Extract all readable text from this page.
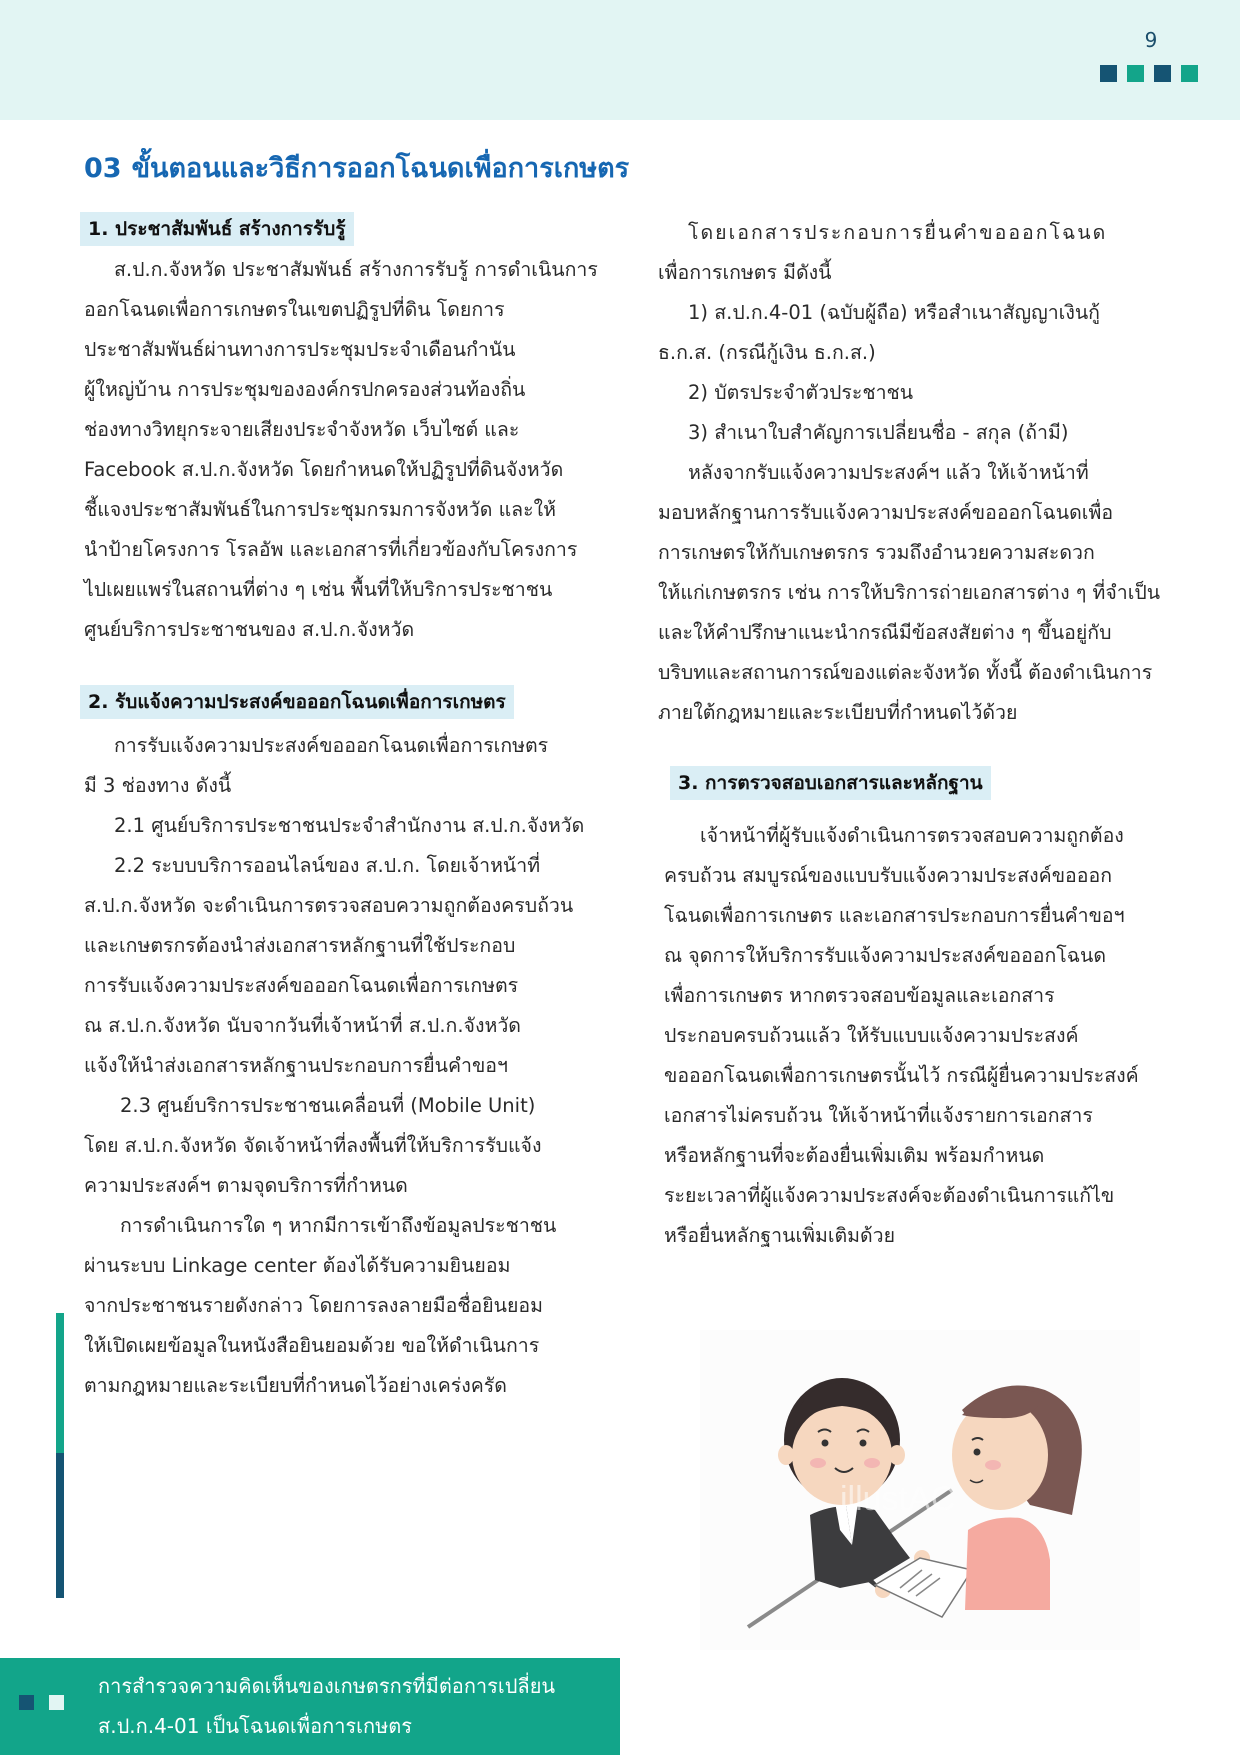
9
03 ขั้นตอนและวิธีการออกโฉนดเพื่อการเกษตร
1. ประชาสัมพันธ์ สร้างการรับรู้

ส.ป.ก.จังหวัด ประชาสัมพันธ์ สร้างการรับรู้ การดำเนินการ

ออกโฉนดเพื่อการเกษตรในเขตปฏิรูปที่ดิน โดยการ

ประชาสัมพันธ์ผ่านทางการประชุมประจำเดือนกำนัน

ผู้ใหญ่บ้าน การประชุมขององค์กรปกครองส่วนท้องถิ่น

ช่องทางวิทยุกระจายเสียงประจำจังหวัด เว็บไซต์ และ

Facebook ส.ป.ก.จังหวัด โดยกำหนดให้ปฏิรูปที่ดินจังหวัด

ชี้แจงประชาสัมพันธ์ในการประชุมกรมการจังหวัด และให้

นำป้ายโครงการ โรลอัพ และเอกสารที่เกี่ยวข้องกับโครงการ

ไปเผยแพร่ในสถานที่ต่าง ๆ เช่น พื้นที่ให้บริการประชาชน

ศูนย์บริการประชาชนของ ส.ป.ก.จังหวัด

2. รับแจ้งความประสงค์ขอออกโฉนดเพื่อการเกษตร

การรับแจ้งความประสงค์ขอออกโฉนดเพื่อการเกษตร

มี 3 ช่องทาง ดังนี้

2.1 ศูนย์บริการประชาชนประจำสำนักงาน ส.ป.ก.จังหวัด

2.2 ระบบบริการออนไลน์ของ ส.ป.ก. โดยเจ้าหน้าที่

ส.ป.ก.จังหวัด จะดำเนินการตรวจสอบความถูกต้องครบถ้วน

และเกษตรกรต้องนำส่งเอกสารหลักฐานที่ใช้ประกอบ

การรับแจ้งความประสงค์ขอออกโฉนดเพื่อการเกษตร

ณ ส.ป.ก.จังหวัด นับจากวันที่เจ้าหน้าที่ ส.ป.ก.จังหวัด

แจ้งให้นำส่งเอกสารหลักฐานประกอบการยื่นคำขอฯ

2.3 ศูนย์บริการประชาชนเคลื่อนที่ (Mobile Unit)

โดย ส.ป.ก.จังหวัด จัดเจ้าหน้าที่ลงพื้นที่ให้บริการรับแจ้ง

ความประสงค์ฯ ตามจุดบริการที่กำหนด

การดำเนินการใด ๆ หากมีการเข้าถึงข้อมูลประชาชน

ผ่านระบบ Linkage center ต้องได้รับความยินยอม

จากประชาชนรายดังกล่าว โดยการลงลายมือชื่อยินยอม

ให้เปิดเผยข้อมูลในหนังสือยินยอมด้วย ขอให้ดำเนินการ

ตามกฎหมายและระเบียบที่กำหนดไว้อย่างเคร่งครัด

โดยเอกสารประกอบการยื่นคำขอออกโฉนด

เพื่อการเกษตร มีดังนี้

1) ส.ป.ก.4-01 (ฉบับผู้ถือ) หรือสำเนาสัญญาเงินกู้

ธ.ก.ส. (กรณีกู้เงิน ธ.ก.ส.)

2) บัตรประจำตัวประชาชน

3) สำเนาใบสำคัญการเปลี่ยนชื่อ - สกุล (ถ้ามี)

หลังจากรับแจ้งความประสงค์ฯ แล้ว ให้เจ้าหน้าที่

มอบหลักฐานการรับแจ้งความประสงค์ขอออกโฉนดเพื่อ

การเกษตรให้กับเกษตรกร รวมถึงอำนวยความสะดวก

ให้แก่เกษตรกร เช่น การให้บริการถ่ายเอกสารต่าง ๆ ที่จำเป็น

และให้คำปรึกษาแนะนำกรณีมีข้อสงสัยต่าง ๆ ขึ้นอยู่กับ

บริบทและสถานการณ์ของแต่ละจังหวัด ทั้งนี้ ต้องดำเนินการ

ภายใต้กฎหมายและระเบียบที่กำหนดไว้ด้วย

3. การตรวจสอบเอกสารและหลักฐาน

เจ้าหน้าที่ผู้รับแจ้งดำเนินการตรวจสอบความถูกต้อง

ครบถ้วน สมบูรณ์ของแบบรับแจ้งความประสงค์ขอออก

โฉนดเพื่อการเกษตร และเอกสารประกอบการยื่นคำขอฯ

ณ จุดการให้บริการรับแจ้งความประสงค์ขอออกโฉนด

เพื่อการเกษตร หากตรวจสอบข้อมูลและเอกสาร

ประกอบครบถ้วนแล้ว ให้รับแบบแจ้งความประสงค์

ขอออกโฉนดเพื่อการเกษตรนั้นไว้ กรณีผู้ยื่นความประสงค์

เอกสารไม่ครบถ้วน ให้เจ้าหน้าที่แจ้งรายการเอกสาร

หรือหลักฐานที่จะต้องยื่นเพิ่มเติม พร้อมกำหนด

ระยะเวลาที่ผู้แจ้งความประสงค์จะต้องดำเนินการแก้ไข

หรือยื่นหลักฐานเพิ่มเติมด้วย

illustAC
การสำรวจความคิดเห็นของเกษตรกรที่มีต่อการเปลี่ยน
ส.ป.ก.4-01 เป็นโฉนดเพื่อการเกษตร
